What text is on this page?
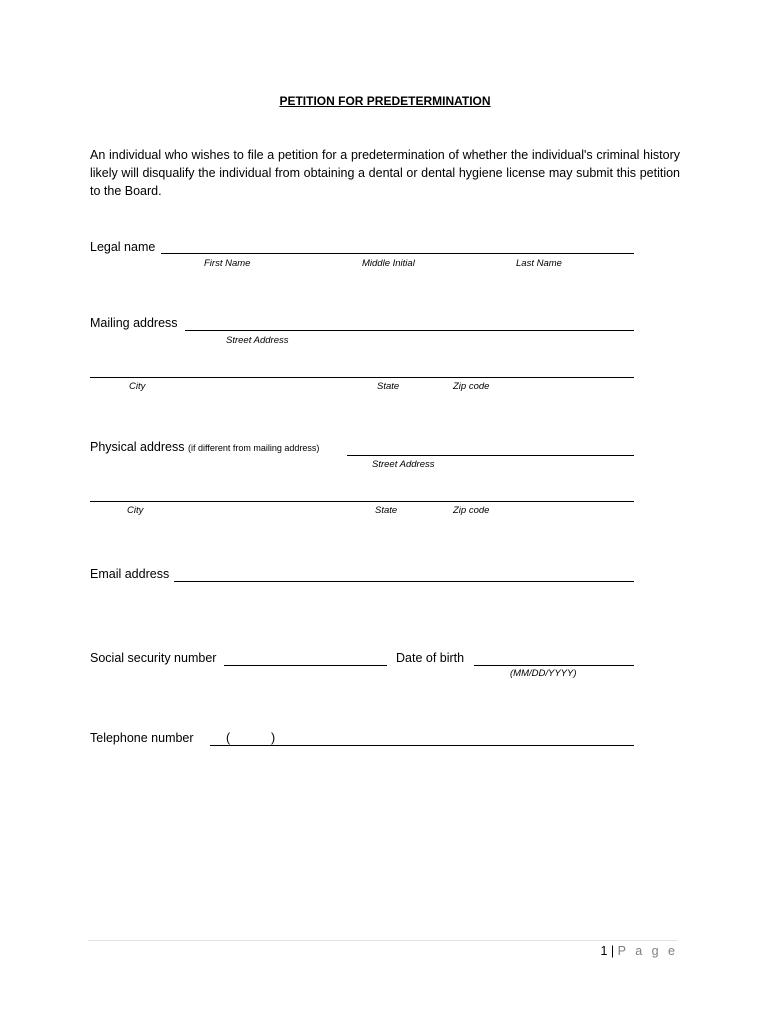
PETITION FOR PREDETERMINATION
An individual who wishes to file a petition for a predetermination of whether the individual's criminal history likely will disqualify the individual from obtaining a dental or dental hygiene license may submit this petition to the Board.
Legal name
First Name	Middle Initial	Last Name
Mailing address
Street Address
City	State	Zip code
Physical address (if different from mailing address)
Street Address
City	State	Zip code
Email address
Social security number	Date of birth
(MM/DD/YYYY)
Telephone number	(	)
1 | P a g e
